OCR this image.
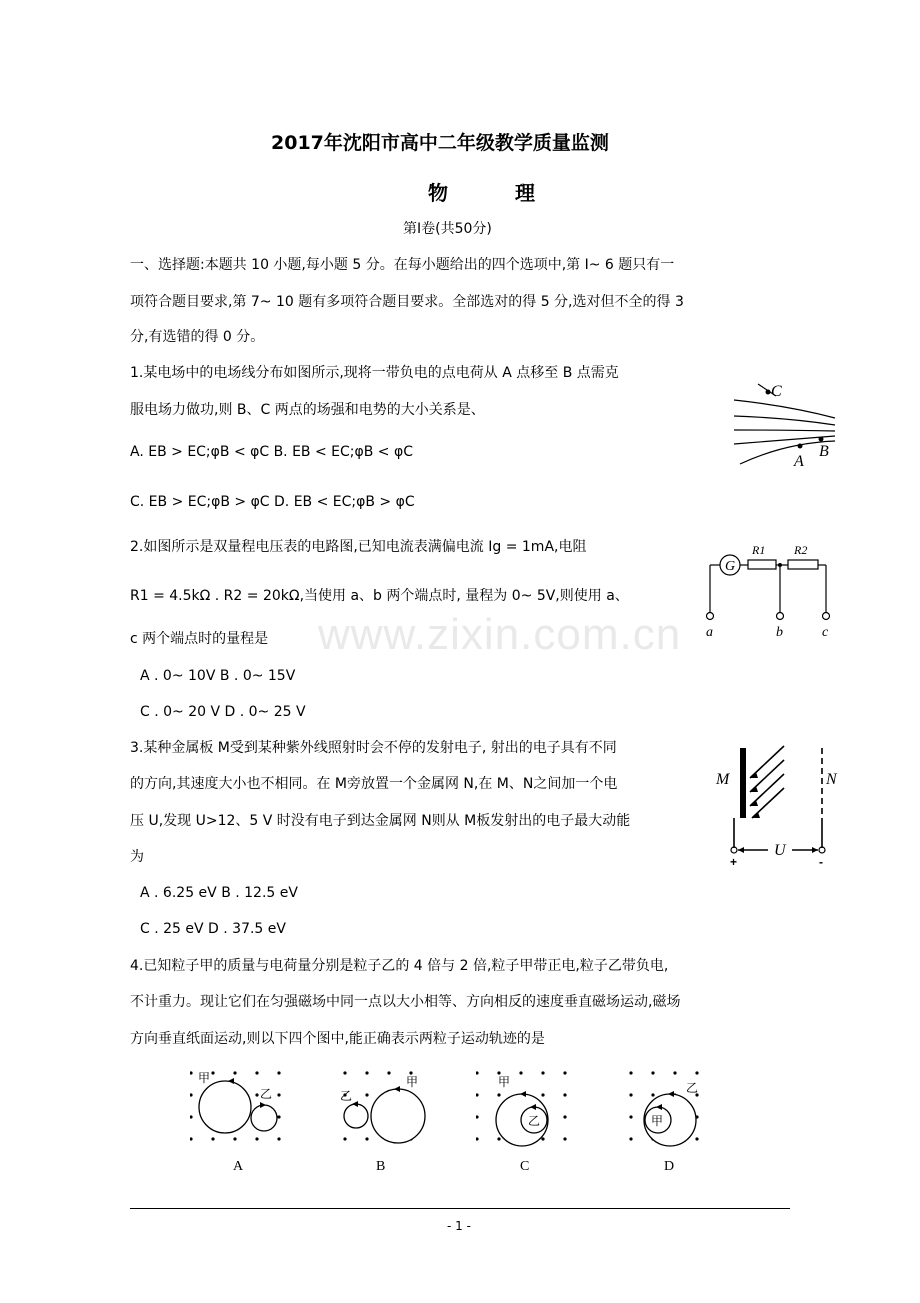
2017年沈阳市高中二年级教学质量监测
物 理
第Ⅰ卷(共50分)
一、选择题:本题共 10 小题,每小题 5 分。在每小题给出的四个选项中,第 Ⅰ~ 6 题只有一
项符合题目要求,第 7~ 10 题有多项符合题目要求。全部选对的得 5 分,选对但不全的得 3
分,有选错的得 0 分。
1.某电场中的电场线分布如图所示,现将一带负电的点电荷从 A 点移至 B 点需克
服电场力做功,则 B、C 两点的场强和电势的大小关系是、
A. EB > EC;φB < φC B. EB < EC;φB < φC
C. EB > EC;φB > φC D. EB < EC;φB > φC
C
A
B
2.如图所示是双量程电压表的电路图,已知电流表满偏电流 Ig = 1mA,电阻
R1 = 4.5kΩ . R2 = 20kΩ,当使用 a、b 两个端点时, 量程为 0~ 5V,则使用 a、
c 两个端点时的量程是
A . 0~ 10V B . 0~ 15V
C . 0~ 20 V D . 0~ 25 V
G
R1 R2
a	b	c
www.zixin.com.cn
3.某种金属板 M受到某种紫外线照射时会不停的发射电子, 射出的电子具有不同
的方向,其速度大小也不相同。在 M旁放置一个金属网 N,在 M、N之间加一个电
压 U,发现 U>12、5 V 时没有电子到达金属网 N则从 M板发射出的电子最大动能
为
A . 6.25 eV B . 12.5 eV
C . 25 eV D . 37.5 eV
M	N
U
+	-
4.已知粒子甲的质量与电荷量分别是粒子乙的 4 倍与 2 倍,粒子甲带正电,粒子乙带负电,
不计重力。现让它们在匀强磁场中同一点以大小相等、方向相反的速度垂直磁场运动,磁场
方向垂直纸面运动,则以下四个图中,能正确表示两粒子运动轨迹的是
甲
乙
A
甲
乙
B
甲
乙
C
乙
甲
D
- 1 -
